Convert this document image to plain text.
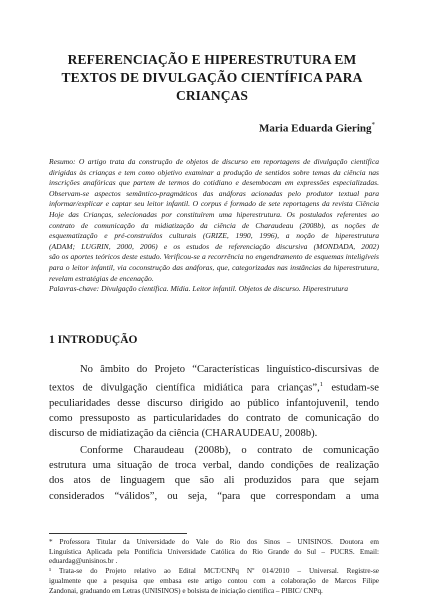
REFERENCIAÇÃO E HIPERESTRUTURA EM
TEXTOS DE DIVULGAÇÃO CIENTÍFICA PARA
CRIANÇAS
Maria Eduarda Giering*
Resumo: O artigo trata da construção de objetos de discurso em reportagens de divulgação científica
dirigidas às crianças e tem como objetivo examinar a produção de sentidos sobre temas da ciência nas
inscrições anafóricas que partem de termos do cotidiano e desembocam em expressões especializadas.
Observam-se aspectos semântico-pragmáticos das anáforas acionadas pelo produtor textual para
informar/explicar e captar seu leitor infantil. O corpus é formado de sete reportagens da revista Ciência
Hoje das Crianças, selecionadas por constituírem uma hiperestrutura. Os postulados referentes ao
contrato de comunicação da midiatização da ciência de Charaudeau (2008b), as noções de
esquematização e pré-construídos culturais (GRIZE, 1990, 1996), a noção de hiperestrutura
(ADAM; LUGRIN, 2000, 2006) e os estudos de referenciação discursiva (MONDADA, 2002)
são os aportes teóricos deste estudo. Verificou-se a recorrência no engendramento de esquemas inteligíveis
para o leitor infantil, via coconstrução das anáforas, que, categorizadas nas instâncias da hiperestrutura,
revelam estratégias de encenação.
Palavras-chave: Divulgação científica. Mídia. Leitor infantil. Objetos de discurso. Hiperestrutura
1 INTRODUÇÃO
No âmbito do Projeto “Características linguístico-discursivas de
textos de divulgação científica midiática para crianças”,$^1$ estudam-se
peculiaridades desse discurso dirigido ao público infantojuvenil, tendo
como pressuposto as particularidades do contrato de comunicação do
discurso de midiatização da ciência (CHARAUDEAU, 2008b).
Conforme Charaudeau (2008b), o contrato de comunicação
estrutura uma situação de troca verbal, dando condições de realização
dos atos de linguagem que são ali produzidos para que sejam
considerados “válidos”, ou seja, “para que correspondam a uma
* Professora Titular da Universidade do Vale do Rio dos Sinos – UNISINOS. Doutora em
Linguística Aplicada pela Pontifícia Universidade Católica do Rio Grande do Sul – PUCRS. Email:
eduardag@unisinos.br .
¹ Trata-se do Projeto relativo ao Edital MCT/CNPq Nº 014/2010 – Universal. Registre-se
igualmente que a pesquisa que embasa este artigo contou com a colaboração de Marcos Filipe
Zandonai, graduando em Letras (UNISINOS) e bolsista de iniciação científica – PIBIC/ CNPq.
